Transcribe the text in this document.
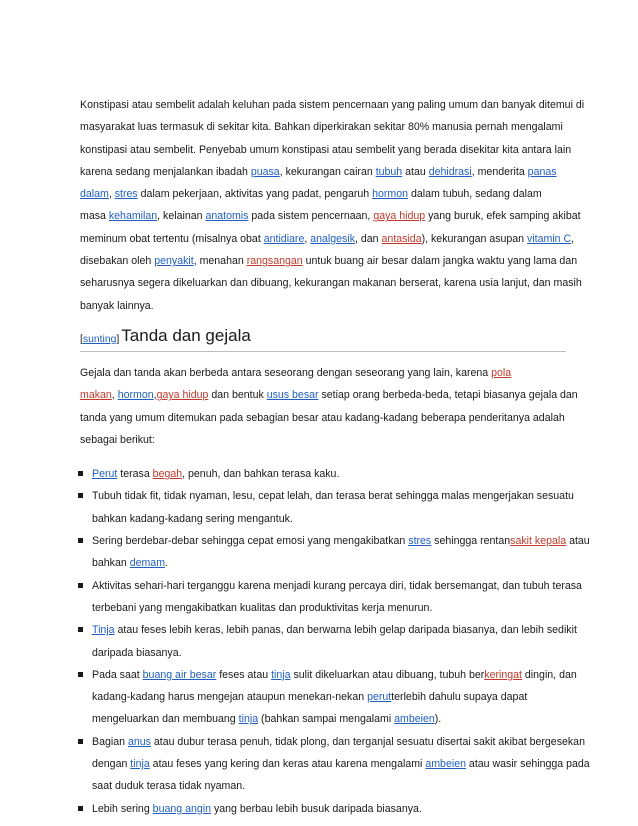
Konstipasi atau sembelit adalah keluhan pada sistem pencernaan yang paling umum dan banyak ditemui di
masyarakat luas termasuk di sekitar kita. Bahkan diperkirakan sekitar 80% manusia pernah mengalami
konstipasi atau sembelit. Penyebab umum konstipasi atau sembelit yang berada disekitar kita antara lain
karena sedang menjalankan ibadah puasa, kekurangan cairan tubuh atau dehidrasi, menderita panas
dalam, stres dalam pekerjaan, aktivitas yang padat, pengaruh hormon dalam tubuh, sedang dalam
masa kehamilan, kelainan anatomis pada sistem pencernaan, gaya hidup yang buruk, efek samping akibat
meminum obat tertentu (misalnya obat antidiare, analgesik, dan antasida), kekurangan asupan vitamin C,
disebakan oleh penyakit, menahan rangsangan untuk buang air besar dalam jangka waktu yang lama dan
seharusnya segera dikeluarkan dan dibuang, kekurangan makanan berserat, karena usia lanjut, dan masih
banyak lainnya.

[sunting] Tanda dan gejala

Gejala dan tanda akan berbeda antara seseorang dengan seseorang yang lain, karena pola
makan, hormon,gaya hidup dan bentuk usus besar setiap orang berbeda-beda, tetapi biasanya gejala dan
tanda yang umum ditemukan pada sebagian besar atau kadang-kadang beberapa penderitanya adalah
sebagai berikut:

Perut terasa begah, penuh, dan bahkan terasa kaku.
Tubuh tidak fit, tidak nyaman, lesu, cepat lelah, dan terasa berat sehingga malas mengerjakan sesuatu
bahkan kadang-kadang sering mengantuk.
Sering berdebar-debar sehingga cepat emosi yang mengakibatkan stres sehingga rentansakit kepala atau
bahkan demam.
Aktivitas sehari-hari terganggu karena menjadi kurang percaya diri, tidak bersemangat, dan tubuh terasa
terbebani yang mengakibatkan kualitas dan produktivitas kerja menurun.
Tinja atau feses lebih keras, lebih panas, dan berwarna lebih gelap daripada biasanya, dan lebih sedikit
daripada biasanya.
Pada saat buang air besar feses atau tinja sulit dikeluarkan atau dibuang, tubuh berkeringat dingin, dan
kadang-kadang harus mengejan ataupun menekan-nekan perutterlebih dahulu supaya dapat
mengeluarkan dan membuang tinja (bahkan sampai mengalami ambeien).
Bagian anus atau dubur terasa penuh, tidak plong, dan terganjal sesuatu disertai sakit akibat bergesekan
dengan tinja atau feses yang kering dan keras atau karena mengalami ambeien atau wasir sehingga pada
saat duduk terasa tidak nyaman.
Lebih sering buang angin yang berbau lebih busuk daripada biasanya.
